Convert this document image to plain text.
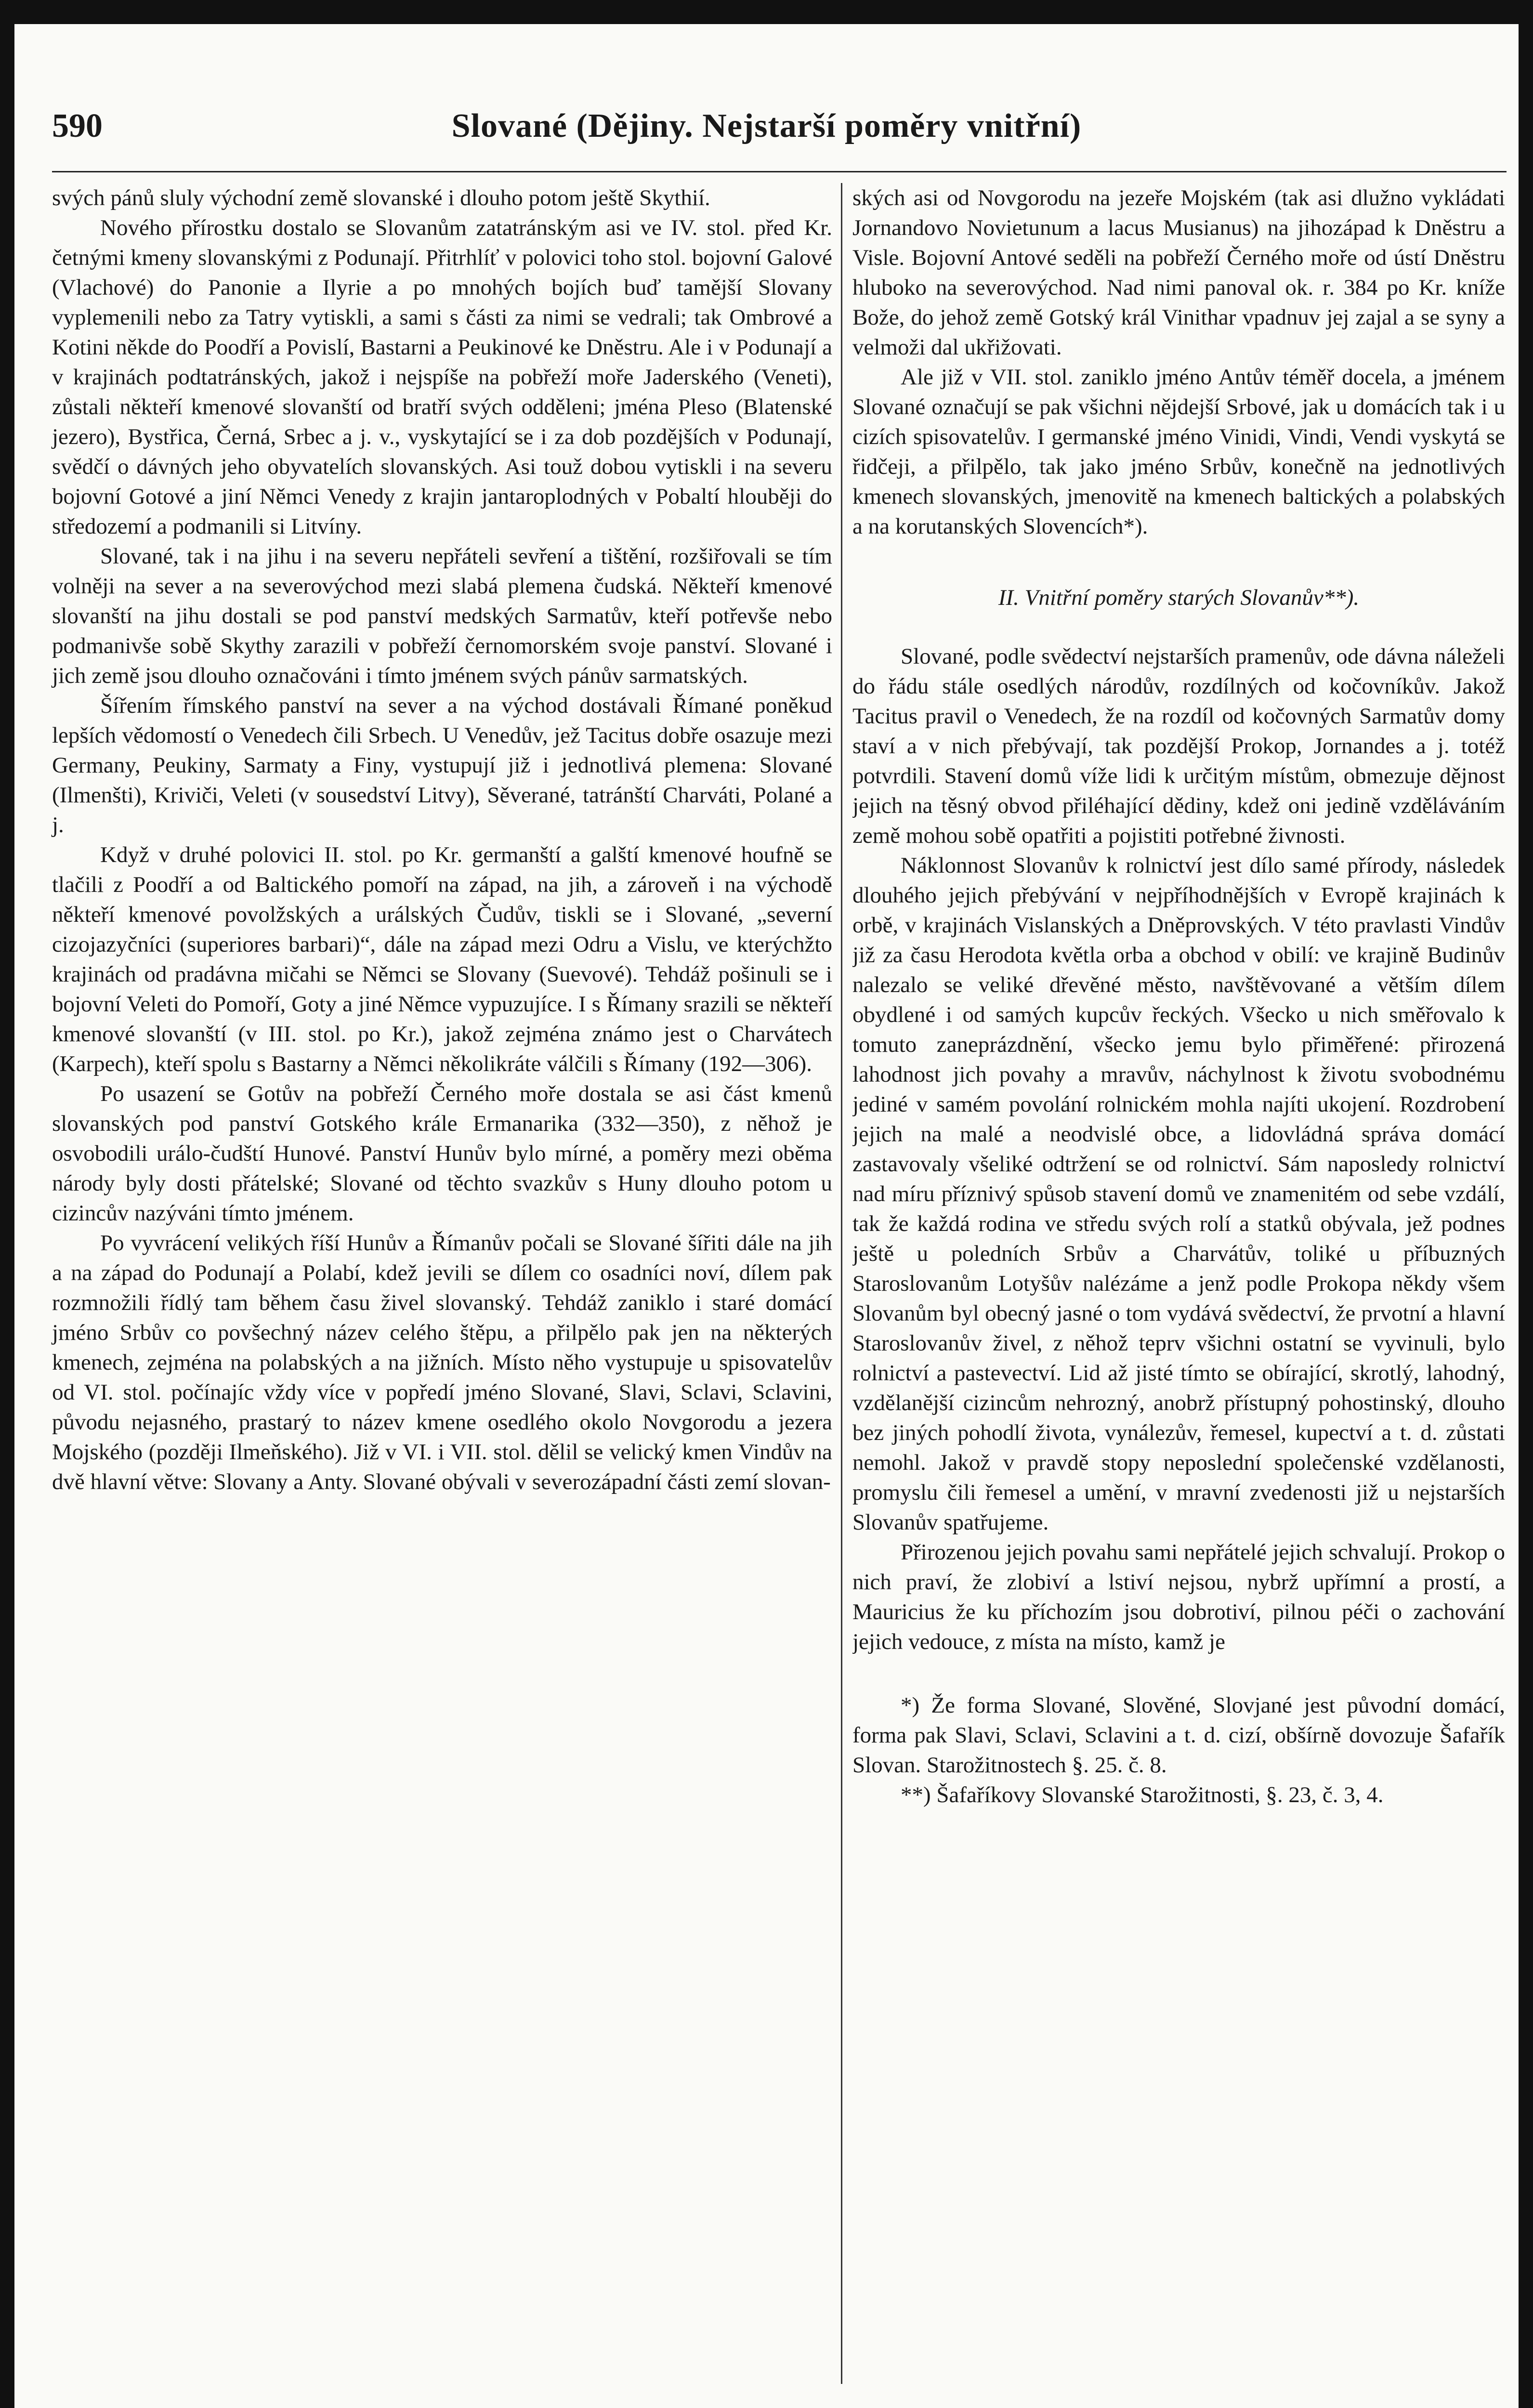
590	Slované (Dějiny. Nejstarší poměry vnitřní)

svých pánů sluly východní země slovanské i dlouho potom ještě Skythií.

Nového přírostku dostalo se Slovanům zatatránským asi ve IV. stol. před Kr. četnými kmeny slovanskými z Podunají. Přitrhlíť v polovici toho stol. bojovní Galové (Vlachové) do Panonie a Ilyrie a po mnohých bojích buď tamější Slovany vyplemenili nebo za Tatry vytiskli, a sami s části za nimi se vedrali; tak Ombrové a Kotini někde do Poodří a Povislí, Bastarni a Peukinové ke Dněstru. Ale i v Podunají a v krajinách podtatránských, jakož i nejspíše na pobřeží moře Jaderského (Veneti), zůstali někteří kmenové slovanští od bratří svých odděleni; jména Pleso (Blatenské jezero), Bystřica, Černá, Srbec a j. v., vyskytající se i za dob pozdějších v Podunají, svědčí o dávných jeho obyvatelích slovanských. Asi touž dobou vytiskli i na severu bojovní Gotové a jiní Němci Venedy z krajin jantaroplodných v Pobaltí hlouběji do středozemí a podmanili si Litvíny.

Slované, tak i na jihu i na severu nepřáteli sevření a tištění, rozšiřovali se tím volněji na sever a na severovýchod mezi slabá plemena čudská. Někteří kmenové slovanští na jihu dostali se pod panství medských Sarmatův, kteří potřevše nebo podmanivše sobě Skythy zarazili v pobřeží černomorském svoje panství. Slované i jich země jsou dlouho označováni i tímto jménem svých pánův sarmatských.

Šířením římského panství na sever a na východ dostávali Římané poněkud lepších vědomostí o Venedech čili Srbech. U Venedův, jež Tacitus dobře osazuje mezi Germany, Peukiny, Sarmaty a Finy, vystupují již i jednotlivá plemena: Slované (Ilmenšti), Kriviči, Veleti (v sousedství Litvy), Sěverané, tatránští Charváti, Polané a j.

Když v druhé polovici II. stol. po Kr. germanští a galští kmenové houfně se tlačili z Poodří a od Baltického pomoří na západ, na jih, a zároveň i na východě někteří kmenové povolžských a urálských Čudův, tiskli se i Slované, „severní cizojazyčníci (superiores barbari)“, dále na západ mezi Odru a Vislu, ve kterýchžto krajinách od pradávna mičahi se Němci se Slovany (Suevové). Tehdáž pošinuli se i bojovní Veleti do Pomoří, Goty a jiné Němce vypuzujíce. I s Římany srazili se někteří kmenové slovanští (v III. stol. po Kr.), jakož zejména známo jest o Charvátech (Karpech), kteří spolu s Bastarny a Němci několikráte válčili s Římany (192—306).

Po usazení se Gotův na pobřeží Černého moře dostala se asi část kmenů slovanských pod panství Gotského krále Ermanarika (332—350), z něhož je osvobodili urálo-čudští Hunové. Panství Hunův bylo mírné, a poměry mezi oběma národy byly dosti přátelské; Slované od těchto svazkův s Huny dlouho potom u cizincův nazýváni tímto jménem.

Po vyvrácení velikých říší Hunův a Římanův počali se Slované šířiti dále na jih a na západ do Podunají a Polabí, kdež jevili se dílem co osadníci noví, dílem pak rozmnožili řídlý tam během času živel slovanský. Tehdáž zaniklo i staré domácí jméno Srbův co povšechný název celého štěpu, a přilpělo pak jen na některých kmenech, zejména na polabských a na jižních. Místo něho vystupuje u spisovatelův od VI. stol. počínajíc vždy více v popředí jméno Slované, Slavi, Sclavi, Sclavini, původu nejasného, prastarý to název kmene osedlého okolo Novgorodu a jezera Mojského (později Ilmeňského). Již v VI. i VII. stol. dělil se velický kmen Vindův na dvě hlavní větve: Slovany a Anty. Slované obývali v severozápadní části zemí slovan-

ských asi od Novgorodu na jezeře Mojském (tak asi dlužno vykládati Jornandovo Novietunum a lacus Musianus) na jihozápad k Dněstru a Visle. Bojovní Antové seděli na pobřeží Černého moře od ústí Dněstru hluboko na severovýchod. Nad nimi panoval ok. r. 384 po Kr. kníže Bože, do jehož země Gotský král Vinithar vpadnuv jej zajal a se syny a velmoži dal ukřižovati.

Ale již v VII. stol. zaniklo jméno Antův téměř docela, a jménem Slované označují se pak všichni nějdejší Srbové, jak u domácích tak i u cizích spisovatelův. I germanské jméno Vinidi, Vindi, Vendi vyskytá se řidčeji, a přilpělo, tak jako jméno Srbův, konečně na jednotlivých kmenech slovanských, jmenovitě na kmenech baltických a polabských a na korutanských Slovencích*).

II. Vnitřní poměry starých Slovanův**).

Slované, podle svědectví nejstarších pramenův, ode dávna náleželi do řádu stále osedlých národův, rozdílných od kočovníkův. Jakož Tacitus pravil o Venedech, že na rozdíl od kočovných Sarmatův domy staví a v nich přebývají, tak pozdější Prokop, Jornandes a j. totéž potvrdili. Stavení domů víže lidi k určitým místům, obmezuje dějnost jejich na těsný obvod přiléhající dědiny, kdež oni jedině vzděláváním země mohou sobě opatřiti a pojistiti potřebné živnosti.

Náklonnost Slovanův k rolnictví jest dílo samé přírody, následek dlouhého jejich přebývání v nejpříhodnějších v Evropě krajinách k orbě, v krajinách Vislanských a Dněprovských. V této pravlasti Vindův již za času Herodota květla orba a obchod v obilí: ve krajině Budinův nalezalo se veliké dřevěné město, navštěvované a větším dílem obydlené i od samých kupcův řeckých. Všecko u nich směřovalo k tomuto zaneprázdnění, všecko jemu bylo přiměřené: přirozená lahodnost jich povahy a mravův, náchylnost k životu svobodnému jediné v samém povolání rolnickém mohla najíti ukojení. Rozdrobení jejich na malé a neodvislé obce, a lidovládná správa domácí zastavovaly všeliké odtržení se od rolnictví. Sám naposledy rolnictví nad míru příznivý spůsob stavení domů ve znamenitém od sebe vzdálí, tak že každá rodina ve středu svých rolí a statků obývala, jež podnes ještě u poledních Srbův a Charvátův, toliké u příbuzných Staroslovanům Lotyšův nalézáme a jenž podle Prokopa někdy všem Slovanům byl obecný jasné o tom vydává svědectví, že prvotní a hlavní Staroslovanův živel, z něhož teprv všichni ostatní se vyvinuli, bylo rolnictví a pastevectví. Lid až jisté tímto se obírající, skrotlý, lahodný, vzdělanější cizincům nehrozný, anobrž přístupný pohostinský, dlouho bez jiných pohodlí života, vynálezův, řemesel, kupectví a t. d. zůstati nemohl. Jakož v pravdě stopy neposlední společenské vzdělanosti, promyslu čili řemesel a umění, v mravní zvedenosti již u nejstarších Slovanův spatřujeme.

Přirozenou jejich povahu sami nepřátelé jejich schvalují. Prokop o nich praví, že zlobiví a lstiví nejsou, nybrž upřímní a prostí, a Mauricius že ku příchozím jsou dobrotiví, pilnou péči o zachování jejich vedouce, z místa na místo, kamž je

*) Že forma Slované, Slověné, Slovjané jest původní domácí, forma pak Slavi, Sclavi, Sclavini a t. d. cizí, obšírně dovozuje Šafařík Slovan. Starožitnostech §. 25. č. 8.

**) Šafaříkovy Slovanské Starožitnosti, §. 23, č. 3, 4.
